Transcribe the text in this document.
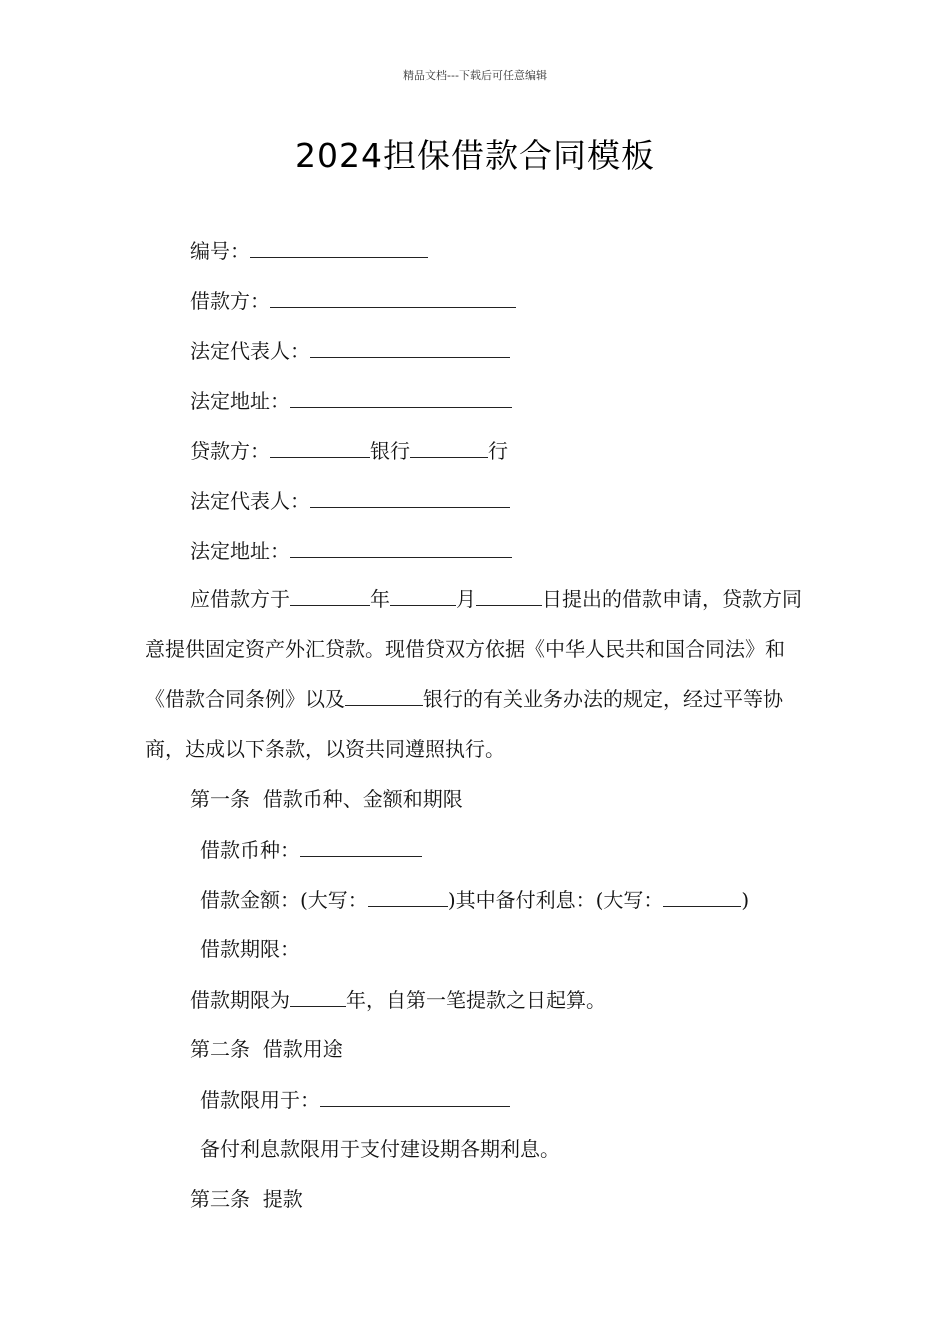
精品文档---下载后可任意编辑
2024担保借款合同模板
编号：
借款方：
法定代表人：
法定地址：
贷款方：	银行	行
法定代表人：
法定地址：
应借款方于	年	月	日提出的借款申请，贷款方同意提供固定资产外汇贷款。现借贷双方依据《中华人民共和国合同法》和《借款合同条例》以及	银行的有关业务办法的规定，经过平等协商，达成以下条款，以资共同遵照执行。
第一条  借款币种、金额和期限
借款币种：
借款金额：(大写：	)其中备付利息：(大写：	)
借款期限：
借款期限为	年，自第一笔提款之日起算。
第二条  借款用途
借款限用于：
备付利息款限用于支付建设期各期利息。
第三条  提款
